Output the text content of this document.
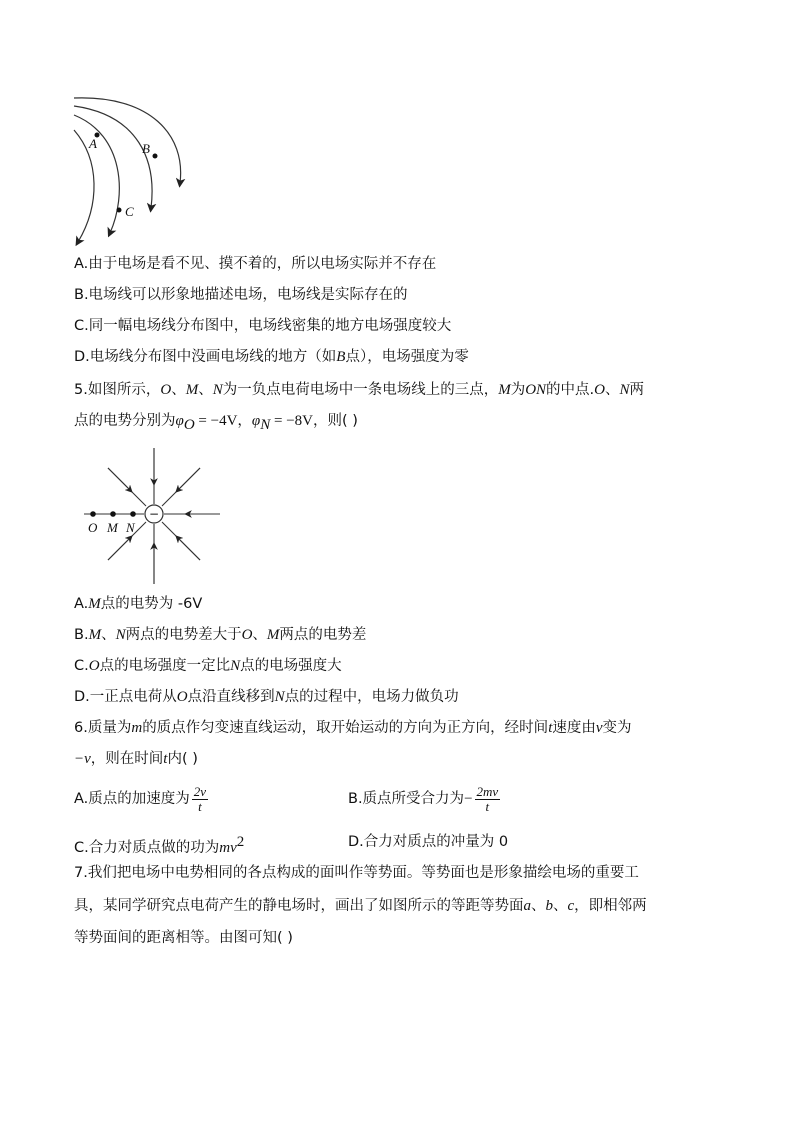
A	B
C
A.由于电场是看不见、摸不着的，所以电场实际并不存在
B.电场线可以形象地描述电场，电场线是实际存在的
C.同一幅电场线分布图中，电场线密集的地方电场强度较大
D.电场线分布图中没画电场线的地方（如B点），电场强度为零
5.如图所示，O、M、N为一负点电荷电场中一条电场线上的三点，M为ON的中点.O、N两
点的电势分别为$\varphi_O = -4V$，$\varphi_N = -8V$，则( )
−
O M N
A.M点的电势为 -6V
B.M、N两点的电势差大于O、M两点的电势差
C.O点的电场强度一定比N点的电场强度大
D.一正点电荷从O点沿直线移到N点的过程中，电场力做负功
6.质量为m的质点作匀变速直线运动，取开始运动的方向为正方向，经时间t速度由v变为
−v，则在时间t内( )
A.质点的加速度为 $\frac{2v}{t}$	B.质点所受合力为− $\frac{2mv}{t}$
C.合力对质点做的功为$mv^2$	D.合力对质点的冲量为 0
7.我们把电场中电势相同的各点构成的面叫作等势面。等势面也是形象描绘电场的重要工
具，某同学研究点电荷产生的静电场时，画出了如图所示的等距等势面a、b、c，即相邻两
等势面间的距离相等。由图可知( )
